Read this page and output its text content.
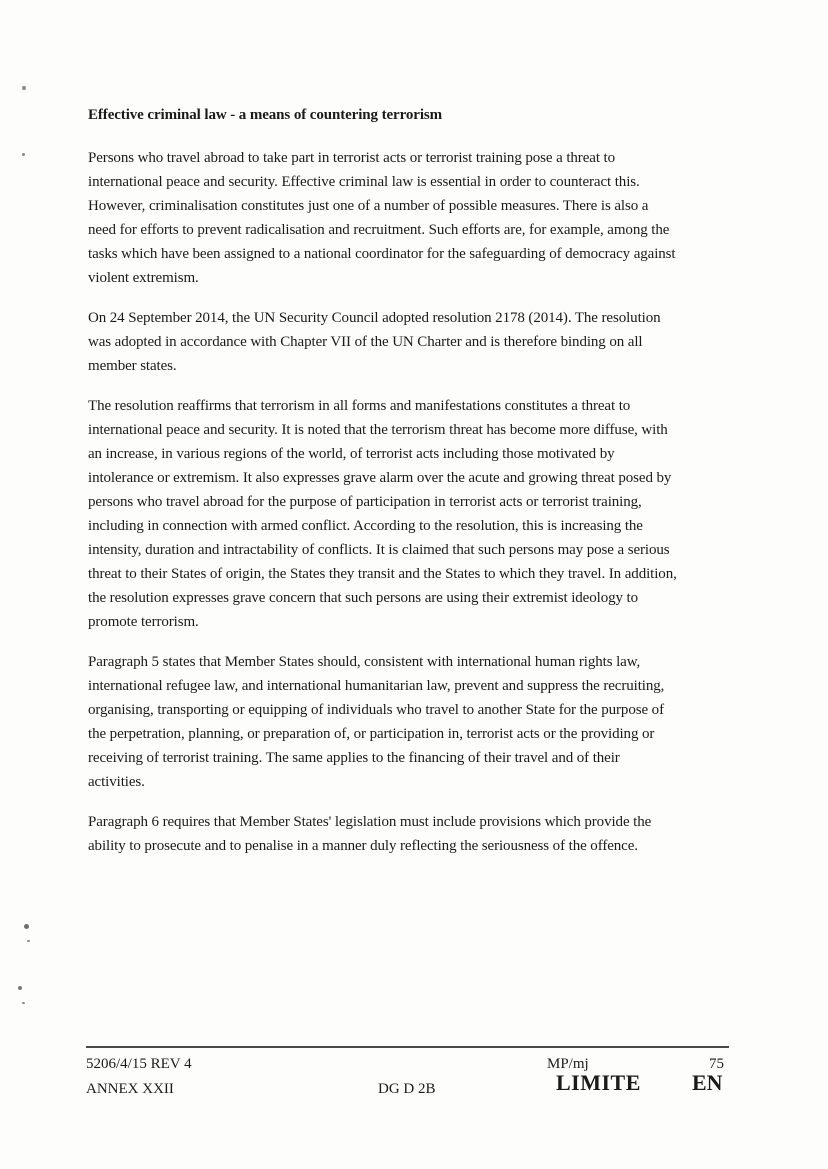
Effective criminal law - a means of countering terrorism
Persons who travel abroad to take part in terrorist acts or terrorist training pose a threat to
international peace and security. Effective criminal law is essential in order to counteract this.
However, criminalisation constitutes just one of a number of possible measures. There is also a
need for efforts to prevent radicalisation and recruitment. Such efforts are, for example, among the
tasks which have been assigned to a national coordinator for the safeguarding of democracy against
violent extremism.
On 24 September 2014, the UN Security Council adopted resolution 2178 (2014). The resolution
was adopted in accordance with Chapter VII of the UN Charter and is therefore binding on all
member states.
The resolution reaffirms that terrorism in all forms and manifestations constitutes a threat to
international peace and security. It is noted that the terrorism threat has become more diffuse, with
an increase, in various regions of the world, of terrorist acts including those motivated by
intolerance or extremism. It also expresses grave alarm over the acute and growing threat posed by
persons who travel abroad for the purpose of participation in terrorist acts or terrorist training,
including in connection with armed conflict. According to the resolution, this is increasing the
intensity, duration and intractability of conflicts. It is claimed that such persons may pose a serious
threat to their States of origin, the States they transit and the States to which they travel. In addition,
the resolution expresses grave concern that such persons are using their extremist ideology to
promote terrorism.
Paragraph 5 states that Member States should, consistent with international human rights law,
international refugee law, and international humanitarian law, prevent and suppress the recruiting,
organising, transporting or equipping of individuals who travel to another State for the purpose of
the perpetration, planning, or preparation of, or participation in, terrorist acts or the providing or
receiving of terrorist training. The same applies to the financing of their travel and of their
activities.
Paragraph 6 requires that Member States' legislation must include provisions which provide the
ability to prosecute and to penalise in a manner duly reflecting the seriousness of the offence.
5206/4/15 REV 4
ANNEX XXII	DG D 2B
MP/mj	75
LIMITE EN
